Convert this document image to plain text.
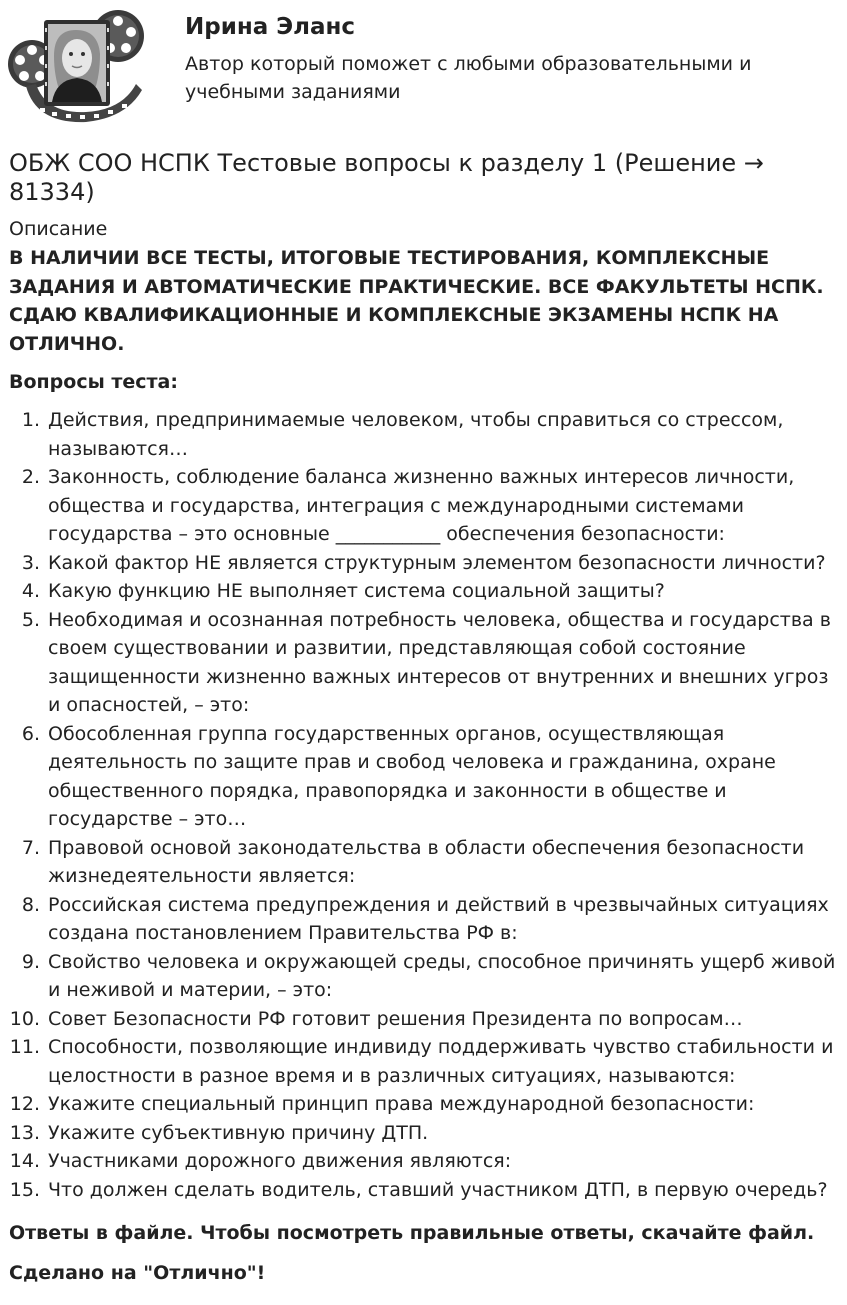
Ирина Эланс
Автор который поможет с любыми образовательными и учебными заданиями
ОБЖ СОО НСПК Тестовые вопросы к разделу 1 (Решение → 81334)
Описание
В НАЛИЧИИ ВСЕ ТЕСТЫ, ИТОГОВЫЕ ТЕСТИРОВАНИЯ, КОМПЛЕКСНЫЕ ЗАДАНИЯ И АВТОМАТИЧЕСКИЕ ПРАКТИЧЕСКИЕ. ВСЕ ФАКУЛЬТЕТЫ НСПК. СДАЮ КВАЛИФИКАЦИОННЫЕ И КОМПЛЕКСНЫЕ ЭКЗАМЕНЫ НСПК НА ОТЛИЧНО.
Вопросы теста:
1. Действия, предпринимаемые человеком, чтобы справиться со стрессом, называются…
2. Законность, соблюдение баланса жизненно важных интересов личности, общества и государства, интеграция с международными системами государства – это основные ___________ обеспечения безопасности:
3. Какой фактор НЕ является структурным элементом безопасности личности?
4. Какую функцию НЕ выполняет система социальной защиты?
5. Необходимая и осознанная потребность человека, общества и государства в своем существовании и развитии, представляющая собой состояние защищенности жизненно важных интересов от внутренних и внешних угроз и опасностей, – это:
6. Обособленная группа государственных органов, осуществляющая деятельность по защите прав и свобод человека и гражданина, охране общественного порядка, правопорядка и законности в обществе и государстве – это…
7. Правовой основой законодательства в области обеспечения безопасности жизнедеятельности является:
8. Российская система предупреждения и действий в чрезвычайных ситуациях создана постановлением Правительства РФ в:
9. Свойство человека и окружающей среды, способное причинять ущерб живой и неживой и материи, – это:
10. Совет Безопасности РФ готовит решения Президента по вопросам…
11. Способности, позволяющие индивиду поддерживать чувство стабильности и целостности в разное время и в различных ситуациях, называются:
12. Укажите специальный принцип права международной безопасности:
13. Укажите субъективную причину ДТП.
14. Участниками дорожного движения являются:
15. Что должен сделать водитель, ставший участником ДТП, в первую очередь?
Ответы в файле. Чтобы посмотреть правильные ответы, скачайте файл.
Сделано на "Отлично"!
